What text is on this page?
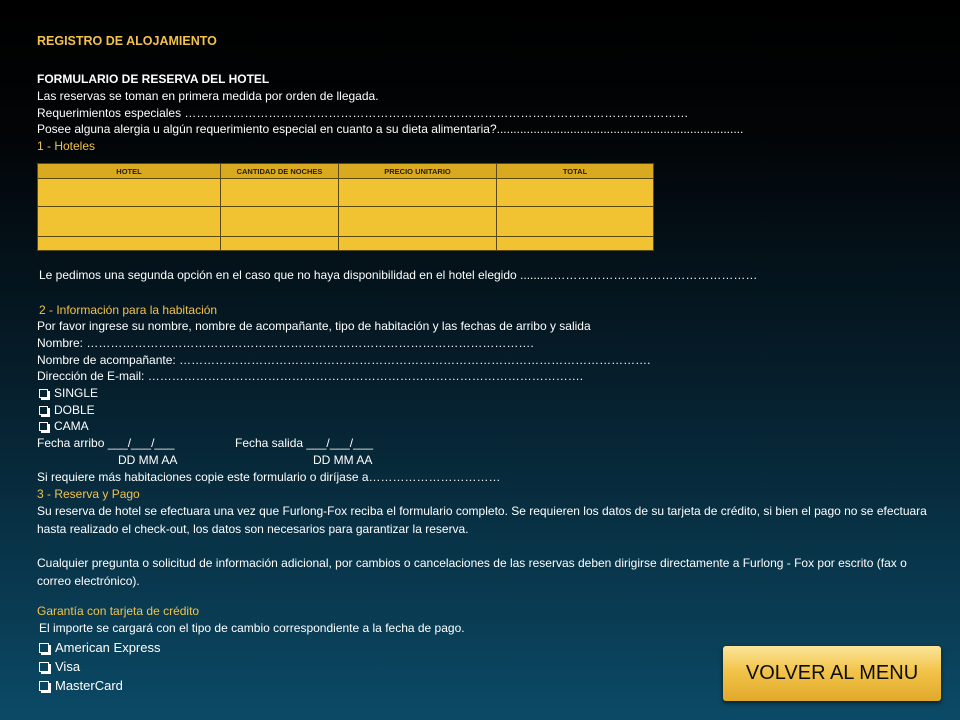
REGISTRO DE ALOJAMIENTO
FORMULARIO DE RESERVA DEL HOTEL
Las reservas se toman en primera medida por orden de llegada.
Requerimientos especiales ………………………………………………………………………………………………………………
Posee alguna alergia u algún requerimiento especial en cuanto a su dieta alimentaria?..........................................................................
1 - Hoteles
HOTEL	CANTIDAD DE NOCHES	PRECIO UNITARIO	TOTAL

Le pedimos una segunda opción en el caso que no haya disponibilidad en el hotel elegido ..........……………………………………………
2 - Información para la habitación
Por favor ingrese su nombre, nombre de acompañante, tipo de habitación y las fechas de arribo y salida
Nombre: ………………………………………………………………………………………………….
Nombre de acompañante: ……………………………………………………………………………………………………….
Dirección de E-mail: ……………………………………………………………………………………………….
SINGLE
DOBLE
CAMA
Fecha arribo ___/___/___	Fecha salida ___/___/___
DD MM AA	DD MM AA
Si requiere más habitaciones copie este formulario o diríjase a……………………………
3 - Reserva y Pago
Su reserva de hotel se efectuara una vez que Furlong-Fox reciba el formulario completo. Se requieren los datos de su tarjeta de crédito, si bien el pago no se efectuara hasta realizado el check-out, los datos son necesarios para garantizar la reserva.
Cualquier pregunta o solicitud de información adicional, por cambios o cancelaciones de las reservas deben dirigirse directamente a Furlong - Fox por escrito (fax o correo electrónico).
Garantía con tarjeta de crédito
El importe se cargará con el tipo de cambio correspondiente a la fecha de pago.
American Express
Visa
MasterCard
VOLVER AL MENU
